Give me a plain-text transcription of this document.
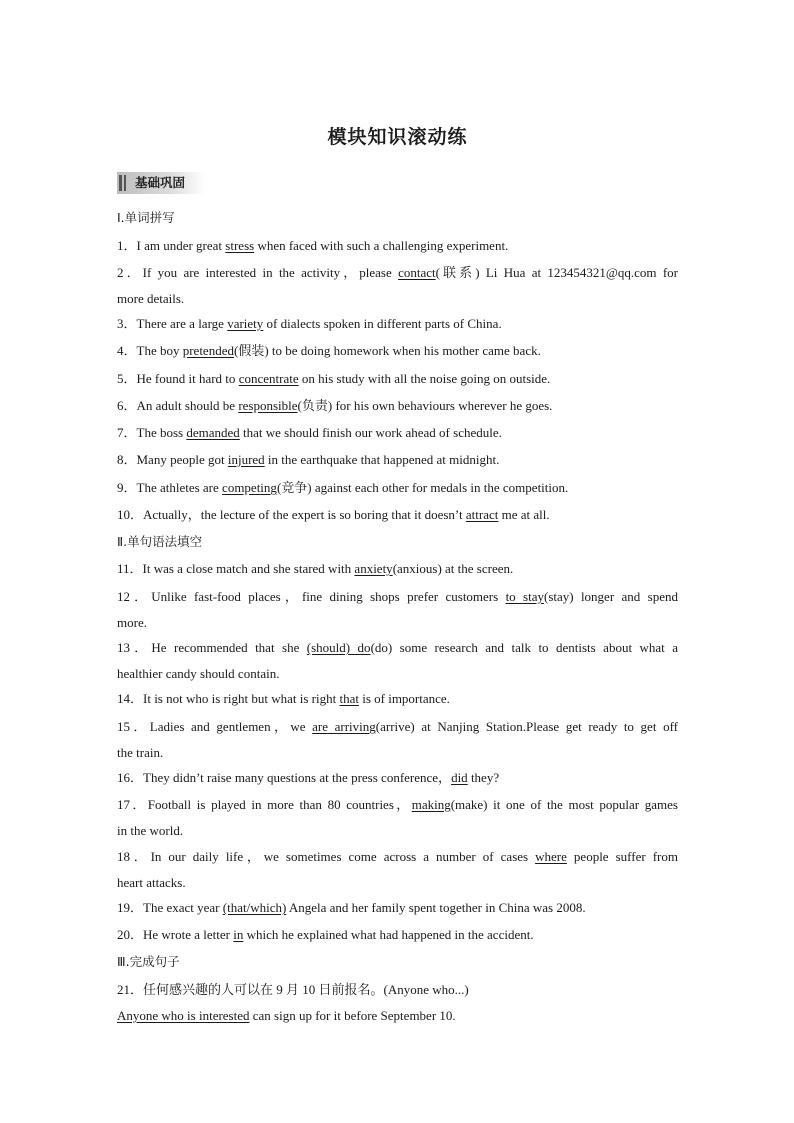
模块知识滚动练
基础巩固
Ⅰ.单词拼写
1．I am under great stress when faced with such a challenging experiment.
2．If you are interested in the activity，please contact(联系) Li Hua at 123454321@qq.com for
more details.
3．There are a large variety of dialects spoken in different parts of China.
4．The boy pretended(假装) to be doing homework when his mother came back.
5．He found it hard to concentrate on his study with all the noise going on outside.
6．An adult should be responsible(负责) for his own behaviours wherever he goes.
7．The boss demanded that we should finish our work ahead of schedule.
8．Many people got injured in the earthquake that happened at midnight.
9．The athletes are competing(竞争) against each other for medals in the competition.
10．Actually，the lecture of the expert is so boring that it doesn’t attract me at all.
Ⅱ.单句语法填空
11．It was a close match and she stared with anxiety(anxious) at the screen.
12．Unlike fast-food places，fine dining shops prefer customers to stay(stay) longer and spend
more.
13．He recommended that she (should) do(do) some research and talk to dentists about what a
healthier candy should contain.
14．It is not who is right but what is right that is of importance.
15．Ladies and gentlemen，we are arriving(arrive) at Nanjing Station.Please get ready to get off
the train.
16．They didn’t raise many questions at the press conference，did they?
17．Football is played in more than 80 countries，making(make) it one of the most popular games
in the world.
18．In our daily life，we sometimes come across a number of cases where people suffer from
heart attacks.
19．The exact year (that/which) Angela and her family spent together in China was 2008.
20．He wrote a letter in which he explained what had happened in the accident.
Ⅲ.完成句子
21．任何感兴趣的人可以在 9 月 10 日前报名。(Anyone who...)
Anyone who is interested can sign up for it before September 10.
